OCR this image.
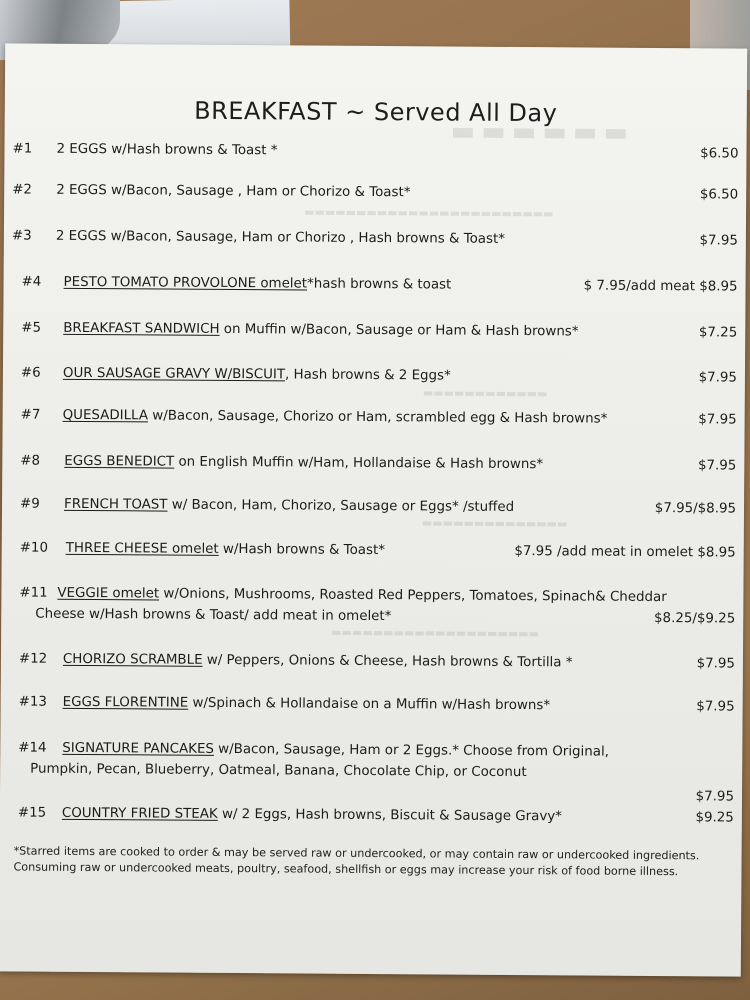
▬▬▬▬▬▬
▬▬▬▬▬▬▬▬▬▬▬▬▬▬▬▬▬▬▬▬▬▬▬▬
▬▬▬▬▬▬▬▬▬▬▬▬
▬▬▬▬▬▬▬▬▬▬▬▬▬▬
▬▬▬▬▬▬▬▬▬▬▬▬▬▬▬▬▬▬▬▬
BREAKFAST ~ Served All Day
#1 2 EGGS w/Hash browns & Toast *	$6.50
#2 2 EGGS w/Bacon, Sausage , Ham or Chorizo & Toast*	$6.50
#3 2 EGGS w/Bacon, Sausage, Ham or Chorizo , Hash browns & Toast*	$7.95
#4 PESTO TOMATO PROVOLONE omelet*hash browns & toast	$ 7.95/add meat $8.95
#5 BREAKFAST SANDWICH on Muffin w/Bacon, Sausage or Ham & Hash browns*	$7.25
#6 OUR SAUSAGE GRAVY W/BISCUIT, Hash browns & 2 Eggs*	$7.95
#7 QUESADILLA w/Bacon, Sausage, Chorizo or Ham, scrambled egg & Hash browns*	$7.95
#8 EGGS BENEDICT on English Muffin w/Ham, Hollandaise & Hash browns*	$7.95
#9 FRENCH TOAST w/ Bacon, Ham, Chorizo, Sausage or Eggs* /stuffed	$7.95/$8.95
#10 THREE CHEESE omelet w/Hash browns & Toast*	$7.95 /add meat in omelet $8.95
#11 VEGGIE omelet w/Onions, Mushrooms, Roasted Red Peppers, Tomatoes, Spinach& Cheddar
Cheese w/Hash browns & Toast/ add meat in omelet*	$8.25/$9.25
#12 CHORIZO SCRAMBLE w/ Peppers, Onions & Cheese, Hash browns & Tortilla *	$7.95
#13 EGGS FLORENTINE w/Spinach & Hollandaise on a Muffin w/Hash browns*	$7.95
#14 SIGNATURE PANCAKES w/Bacon, Sausage, Ham or 2 Eggs.* Choose from Original,
Pumpkin, Pecan, Blueberry, Oatmeal, Banana, Chocolate Chip, or Coconut
$7.95
#15 COUNTRY FRIED STEAK w/ 2 Eggs, Hash browns, Biscuit & Sausage Gravy*	$9.25
*Starred items are cooked to order & may be served raw or undercooked, or may contain raw or undercooked ingredients. Consuming raw or undercooked meats, poultry, seafood, shellfish or eggs may increase your risk of food borne illness.
